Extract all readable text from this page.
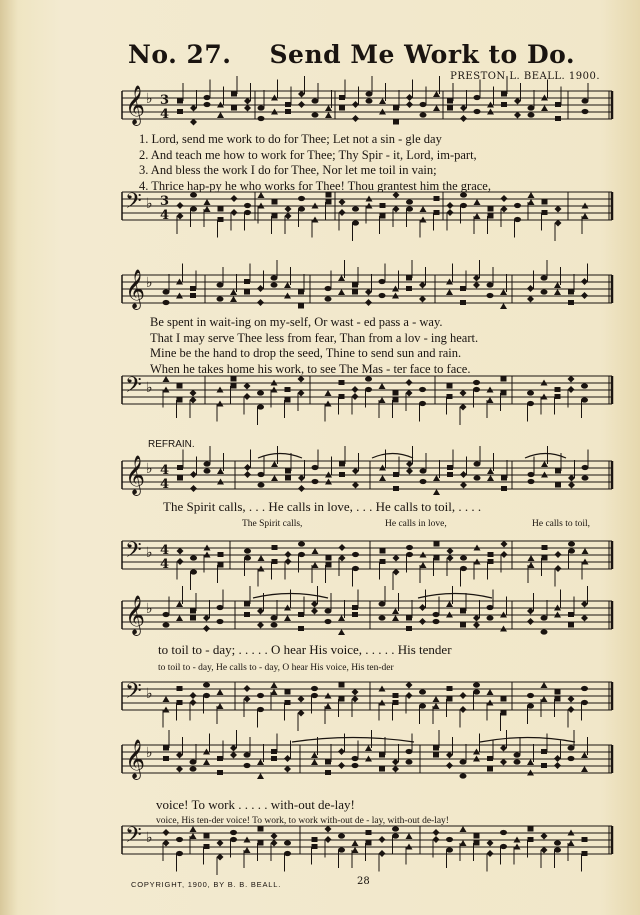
No. 27. Send Me Work to Do.
PRESTON L. BEALL. 1900.
𝄞 ♭ 3
4
𝄢 ♭ 3
4
𝄞 ♭
𝄢 ♭
𝄞 ♭ 4
4
𝄢 ♭ 4
4
𝄞 ♭
𝄢 ♭
𝄞 ♭
𝄢 ♭
1. Lord, send me work to do for Thee; Let not a sin - gle day
2. And teach me how to work for Thee; Thy Spir - it, Lord, im-part,
3. And bless the work I do for Thee, Nor let me toil in vain;
4. Thrice hap-py he who works for Thee! Thou grantest him the grace,
Be spent in wait-ing on my-self, Or wast - ed pass a - way.
That I may serve Thee less from fear, Than from a lov - ing heart.
Mine be the hand to drop the seed, Thine to send sun and rain.
When he takes home his work, to see The Mas - ter face to face.
REFRAIN.
The Spirit calls, . . . He calls in love, . . . He calls to toil, . . . .
The Spirit calls,	He calls in love,	He calls to toil,
to toil to - day; . . . . . O hear His voice, . . . . . His tender
to toil to - day, He calls to - day, O hear His voice, His ten-der
voice! To work . . . . . with-out de-lay!
voice, His ten-der voice! To work, to work with-out de - lay, with-out de-lay!
COPYRIGHT, 1900, BY B. B. BEALL.	28
